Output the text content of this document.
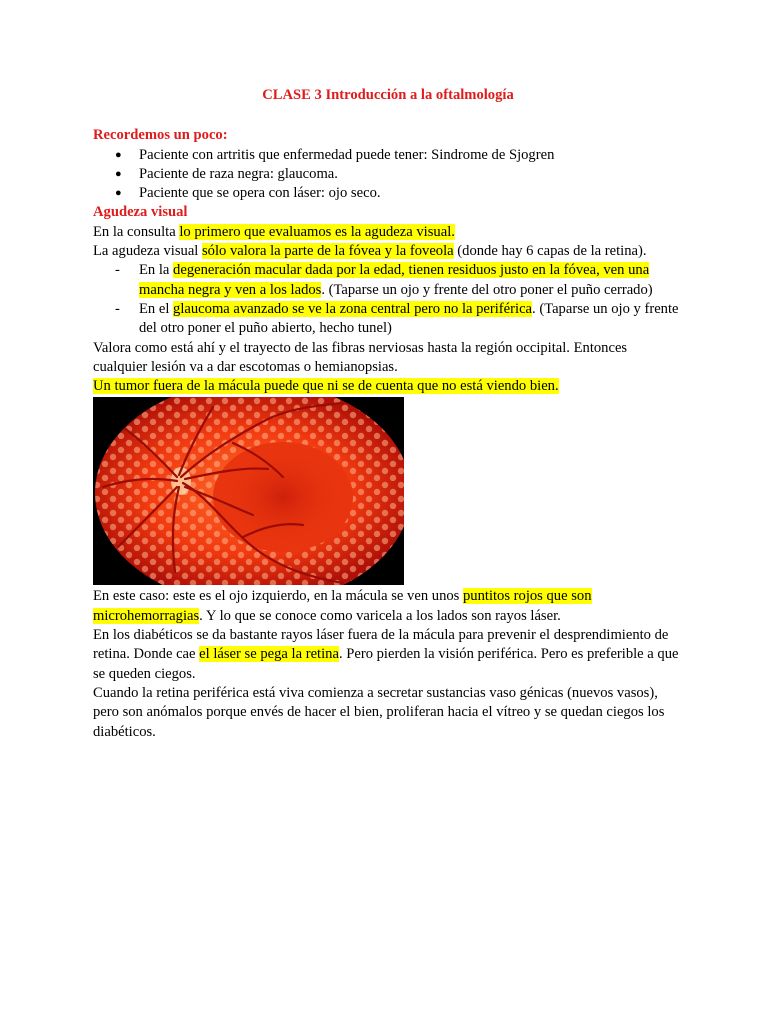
CLASE 3 Introducción a la oftalmología

Recordemos un poco:

● Paciente con artritis que enfermedad puede tener: Sindrome de Sjogren
● Paciente de raza negra: glaucoma.
● Paciente que se opera con láser: ojo seco.

Agudeza visual

En la consulta lo primero que evaluamos es la agudeza visual.

La agudeza visual sólo valora la parte de la fóvea y la foveola (donde hay 6 capas de la retina).

- En la degeneración macular dada por la edad, tienen residuos justo en la fóvea, ven una mancha negra y ven a los lados. (Taparse un ojo y frente del otro poner el puño cerrado)
- En el glaucoma avanzado se ve la zona central pero no la periférica. (Taparse un ojo y frente del otro poner el puño abierto, hecho tunel)

Valora como está ahí y el trayecto de las fibras nerviosas hasta la región occipital. Entonces cualquier lesión va a dar escotomas o hemianopsias.

Un tumor fuera de la mácula puede que ni se de cuenta que no está viendo bien.

En este caso: este es el ojo izquierdo, en la mácula se ven unos puntitos rojos que son microhemorragias. Y lo que se conoce como varicela a los lados son rayos láser.

En los diabéticos se da bastante rayos láser fuera de la mácula para prevenir el desprendimiento de retina. Donde cae el láser se pega la retina. Pero pierden la visión periférica. Pero es preferible a que se queden ciegos.

Cuando la retina periférica está viva comienza a secretar sustancias vaso génicas (nuevos vasos), pero son anómalos porque envés de hacer el bien, proliferan hacia el vítreo y se quedan ciegos los diabéticos.
